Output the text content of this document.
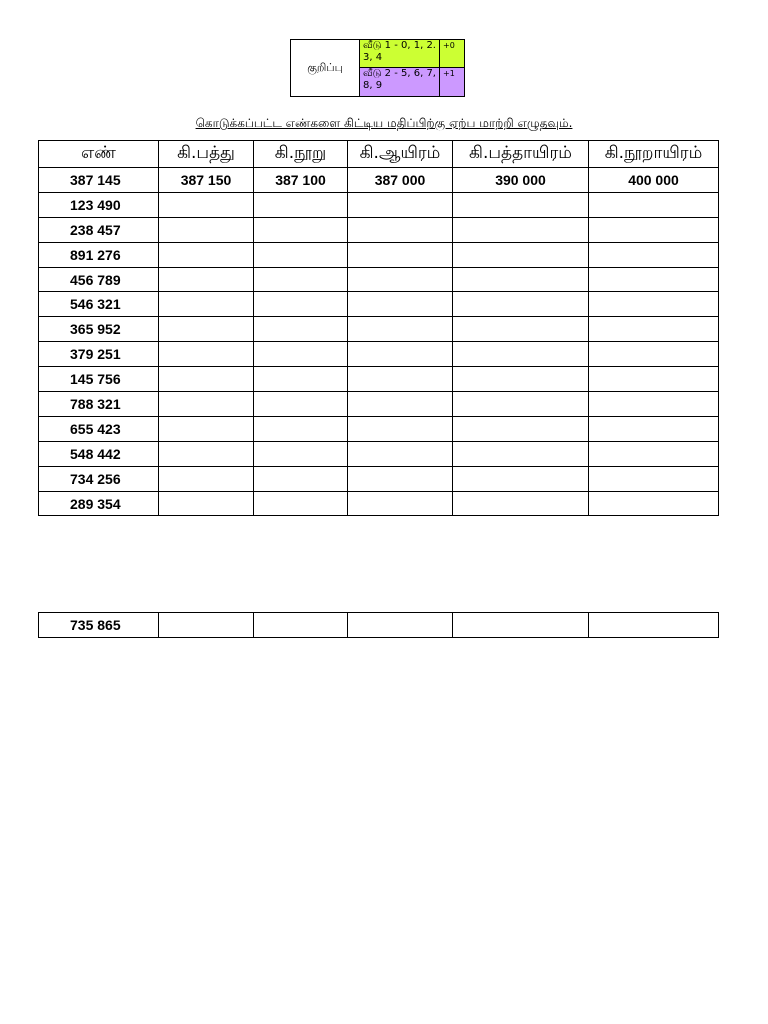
குறிப்பு	வீடு 1 - 0, 1, 2. 3, 4	+0
	வீடு 2 - 5, 6, 7, 8, 9	+1
கொடுக்கப்பட்ட எண்களை கிட்டிய மதிப்பிற்கு ஏற்ப மாற்றி எழுதவும்.
எண்	கி.பத்து	கி.நூறு	கி.ஆயிரம்	கி.பத்தாயிரம்	கி.நூறாயிரம்
387 145	387 150	387 100	387 000	390 000	400 000
123 490					
238 457					
891 276					
456 789					
546 321					
365 952					
379 251					
145 756					
788 321					
655 423					
548 442					
734 256					
289 354					
735 865					
